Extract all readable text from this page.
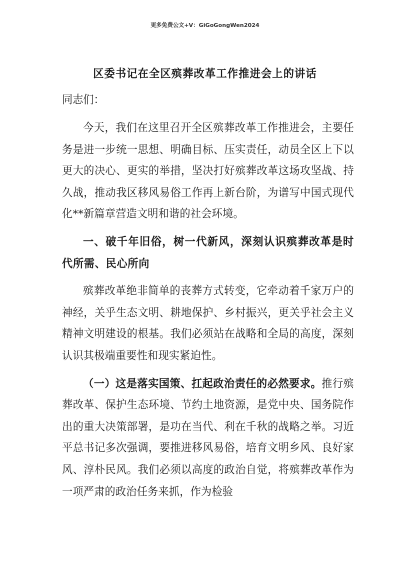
更多免费公文+V：GiGoGongWen2024
区委书记在全区殡葬改革工作推进会上的讲话

同志们：

今天，我们在这里召开全区殡葬改革工作推进会，主要任务是进一步统一思想、明确目标、压实责任，动员全区上下以更大的决心、更实的举措，坚决打好殡葬改革这场攻坚战、持久战，推动我区移风易俗工作再上新台阶，为谱写中国式现代化**新篇章营造文明和谐的社会环境。

一、破千年旧俗，树一代新风，深刻认识殡葬改革是时代所需、民心所向

殡葬改革绝非简单的丧葬方式转变，它牵动着千家万户的神经，关乎生态文明、耕地保护、乡村振兴，更关乎社会主义精神文明建设的根基。我们必须站在战略和全局的高度，深刻认识其极端重要性和现实紧迫性。

（一）这是落实国策、扛起政治责任的必然要求。推行殡葬改革、保护生态环境、节约土地资源，是党中央、国务院作出的重大决策部署，是功在当代、利在千秋的战略之举。习近平总书记多次强调，要推进移风易俗，培育文明乡风、良好家风、淳朴民风。我们必须以高度的政治自觉，将殡葬改革作为一项严肃的政治任务来抓，作为检验
